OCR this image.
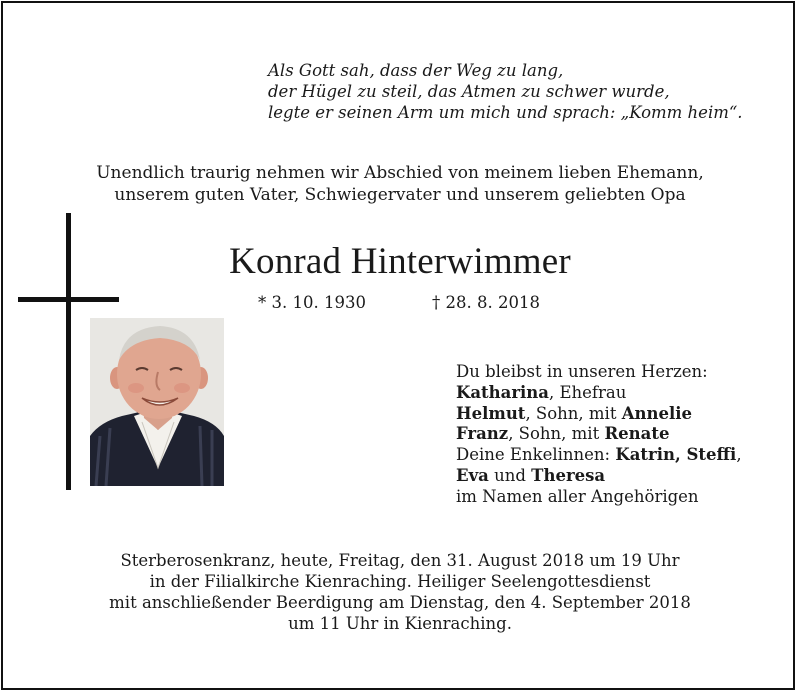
Als Gott sah, dass der Weg zu lang,
der Hügel zu steil, das Atmen zu schwer wurde,
legte er seinen Arm um mich und sprach: „Komm heim“.
Unendlich traurig nehmen wir Abschied von meinem lieben Ehemann,
unserem guten Vater, Schwiegervater und unserem geliebten Opa
Konrad Hinterwimmer
* 3. 10. 1930	† 28. 8. 2018
Du bleibst in unseren Herzen:
Katharina, Ehefrau
Helmut, Sohn, mit Annelie
Franz, Sohn, mit Renate
Deine Enkelinnen: Katrin, Steffi,
Eva und Theresa
im Namen aller Angehörigen
Sterberosenkranz, heute, Freitag, den 31. August 2018 um 19 Uhr
in der Filialkirche Kienraching. Heiliger Seelengottesdienst
mit anschließender Beerdigung am Dienstag, den 4. September 2018
um 11 Uhr in Kienraching.
